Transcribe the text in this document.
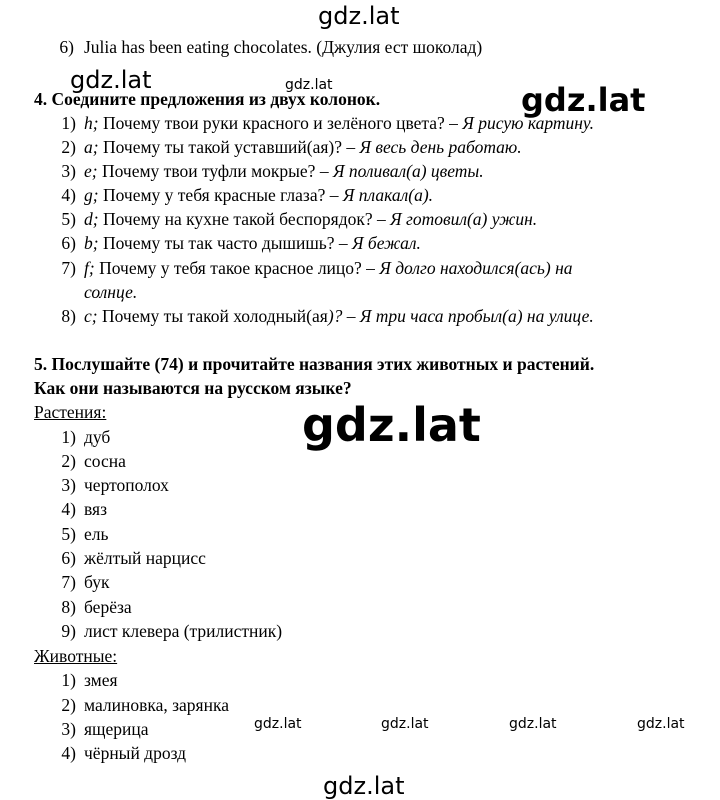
gdz.lat
gdz.lat	gdz.lat	gdz.lat
gdz.lat
gdz.lat	gdz.lat	gdz.lat	gdz.lat
gdz.lat
6) Julia has been eating chocolates. (Джулия ест шоколад)
4. Соедините предложения из двух колонок.
1) h; Почему твои руки красного и зелёного цвета? – Я рисую картину.
2) a; Почему ты такой уставший(ая)? – Я весь день работаю.
3) e; Почему твои туфли мокрые? – Я поливал(а) цветы.
4) g; Почему у тебя красные глаза? – Я плакал(а).
5) d; Почему на кухне такой беспорядок? – Я готовил(а) ужин.
6) b; Почему ты так часто дышишь? – Я бежал.
7) f; Почему у тебя такое красное лицо? – Я долго находился(ась) на
солнце.
8) c; Почему ты такой холодный(ая)? – Я три часа пробыл(а) на улице.
5. Послушайте (74) и прочитайте названия этих животных и растений.
Как они называются на русском языке?
Растения:
1) дуб
2) сосна
3) чертополох
4) вяз
5) ель
6) жёлтый нарцисс
7) бук
8) берёза
9) лист клевера (трилистник)
Животные:
1) змея
2) малиновка, зарянка
3) ящерица
4) чёрный дрозд
